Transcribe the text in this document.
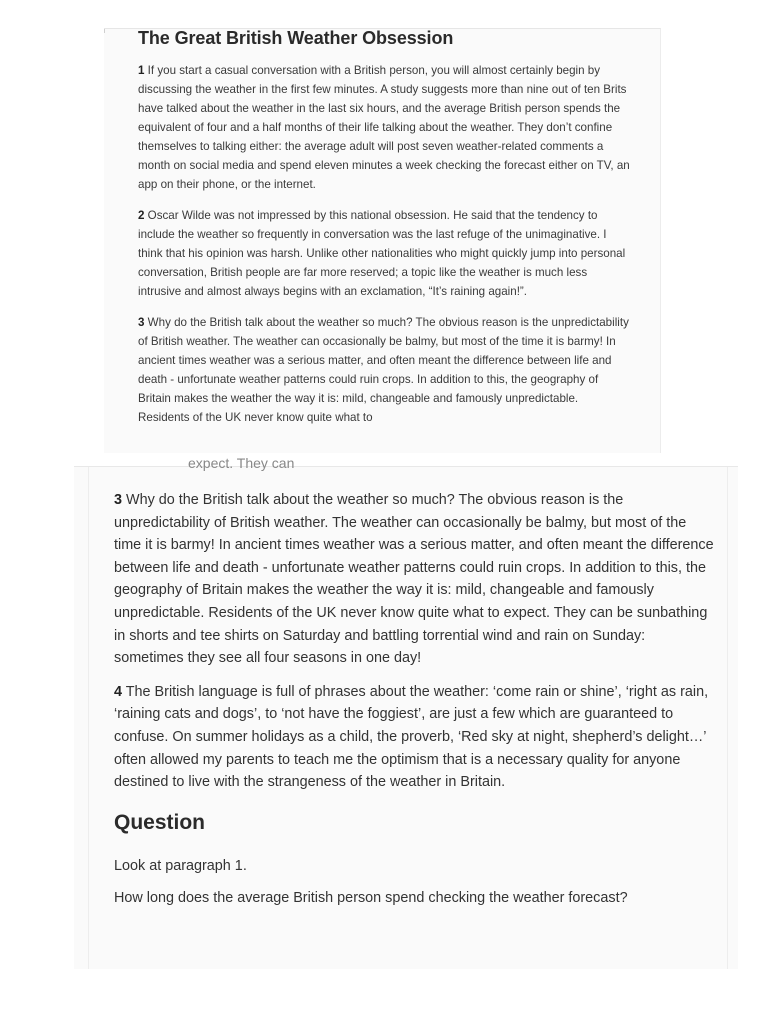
The Great British Weather Obsession

1 If you start a casual conversation with a British person, you will almost certainly begin by discussing the weather in the first few minutes. A study suggests more than nine out of ten Brits have talked about the weather in the last six hours, and the average British person spends the equivalent of four and a half months of their life talking about the weather. They don’t confine themselves to talking either: the average adult will post seven weather-related comments a month on social media and spend eleven minutes a week checking the forecast either on TV, an app on their phone, or the internet.

2 Oscar Wilde was not impressed by this national obsession. He said that the tendency to include the weather so frequently in conversation was the last refuge of the unimaginative. I think that his opinion was harsh. Unlike other nationalities who might quickly jump into personal conversation, British people are far more reserved; a topic like the weather is much less intrusive and almost always begins with an exclamation, “It’s raining again!”.

3 Why do the British talk about the weather so much? The obvious reason is the unpredictability of British weather. The weather can occasionally be balmy, but most of the time it is barmy! In ancient times weather was a serious matter, and often meant the difference between life and death - unfortunate weather patterns could ruin crops. In addition to this, the geography of Britain makes the weather the way it is: mild, changeable and famously unpredictable. Residents of the UK never know quite what to

expect. They can

3 Why do the British talk about the weather so much? The obvious reason is the unpredictability of British weather. The weather can occasionally be balmy, but most of the time it is barmy! In ancient times weather was a serious matter, and often meant the difference between life and death - unfortunate weather patterns could ruin crops. In addition to this, the geography of Britain makes the weather the way it is: mild, changeable and famously unpredictable. Residents of the UK never know quite what to expect. They can be sunbathing in shorts and tee shirts on Saturday and battling torrential wind and rain on Sunday: sometimes they see all four seasons in one day!

4 The British language is full of phrases about the weather: ‘come rain or shine’, ‘right as rain, ‘raining cats and dogs’, to ‘not have the foggiest’, are just a few which are guaranteed to confuse. On summer holidays as a child, the proverb, ‘Red sky at night, shepherd’s delight…’ often allowed my parents to teach me the optimism that is a necessary quality for anyone destined to live with the strangeness of the weather in Britain.

Question

Look at paragraph 1.

How long does the average British person spend checking the weather forecast?
